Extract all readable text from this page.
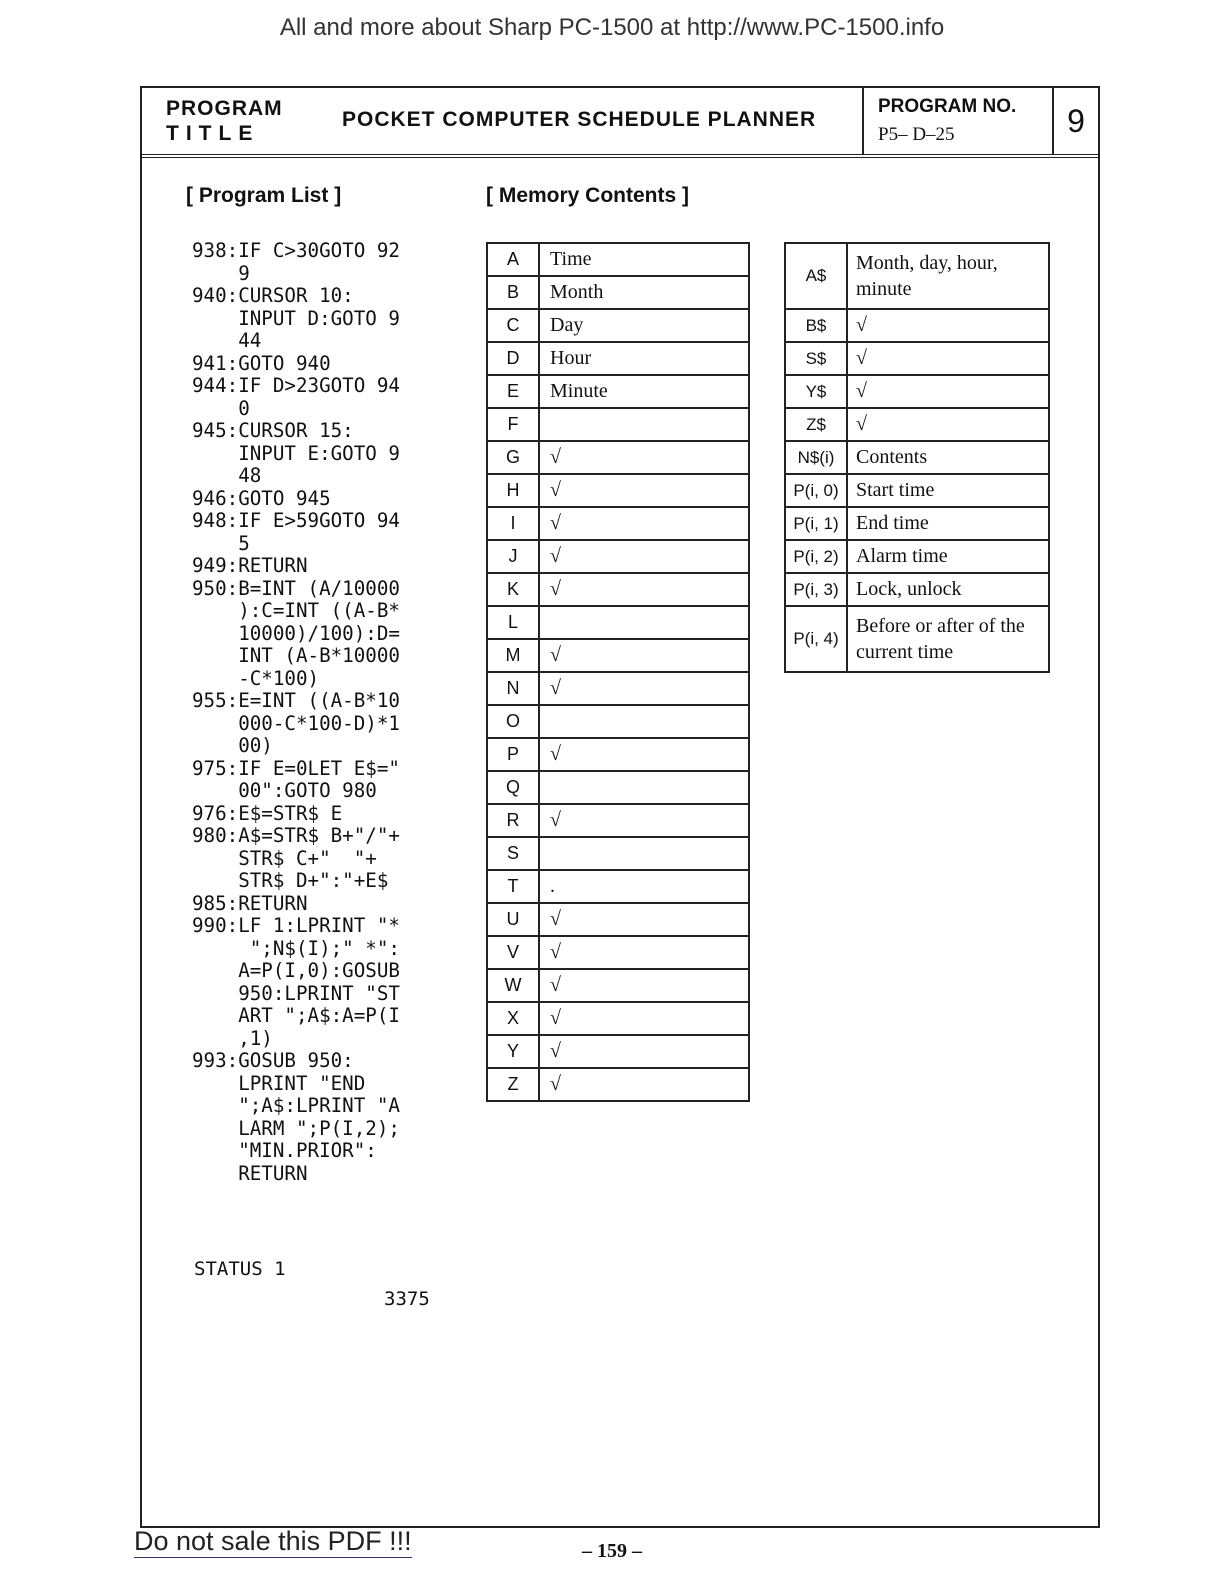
All and more about Sharp PC-1500 at http://www.PC-1500.info
PROGRAM
TITLE
POCKET COMPUTER SCHEDULE PLANNER
PROGRAM NO.
P5– D–25	9
[ Program List ]	[ Memory Contents ]
938:IF C>30GOTO 92
9
940:CURSOR 10:
INPUT D:GOTO 9
44
941:GOTO 940
944:IF D>23GOTO 94
0
945:CURSOR 15:
INPUT E:GOTO 9
48
946:GOTO 945
948:IF E>59GOTO 94
5
949:RETURN
950:B=INT (A/10000
):C=INT ((A-B*
10000)/100):D=
INT (A-B*10000
-C*100)
955:E=INT ((A-B*10
000-C*100-D)*1
00)
975:IF E=0LET E$="
00":GOTO 980
976:E$=STR$ E
980:A$=STR$ B+"/"+
STR$ C+"  "+
STR$ D+":"+E$
985:RETURN
990:LF 1:LPRINT "*
";N$(I);" *":
A=P(I,0):GOSUB
950:LPRINT "ST
ART ";A$:A=P(I
,1)
993:GOSUB 950:
LPRINT "END
";A$:LPRINT "A
LARM ";P(I,2);
"MIN.PRIOR":
RETURN
STATUS 1
3375
A	Time
B	Month
C	Day
D	Hour
E	Minute
F	
G	√
H	√
I	√
J	√
K	√
L	
M	√
N	√
O	
P	√
Q	
R	√
S	
T	.
U	√
V	√
W	√
X	√
Y	√
Z	√
A$	Month, day, hour, minute
B$	√
S$	√
Y$	√
Z$	√
N$(i)	Contents
P(i, 0)	Start time
P(i, 1)	End time
P(i, 2)	Alarm time
P(i, 3)	Lock, unlock
P(i, 4)	Before or after of the current time
Do not sale this PDF !!!	– 159 –
